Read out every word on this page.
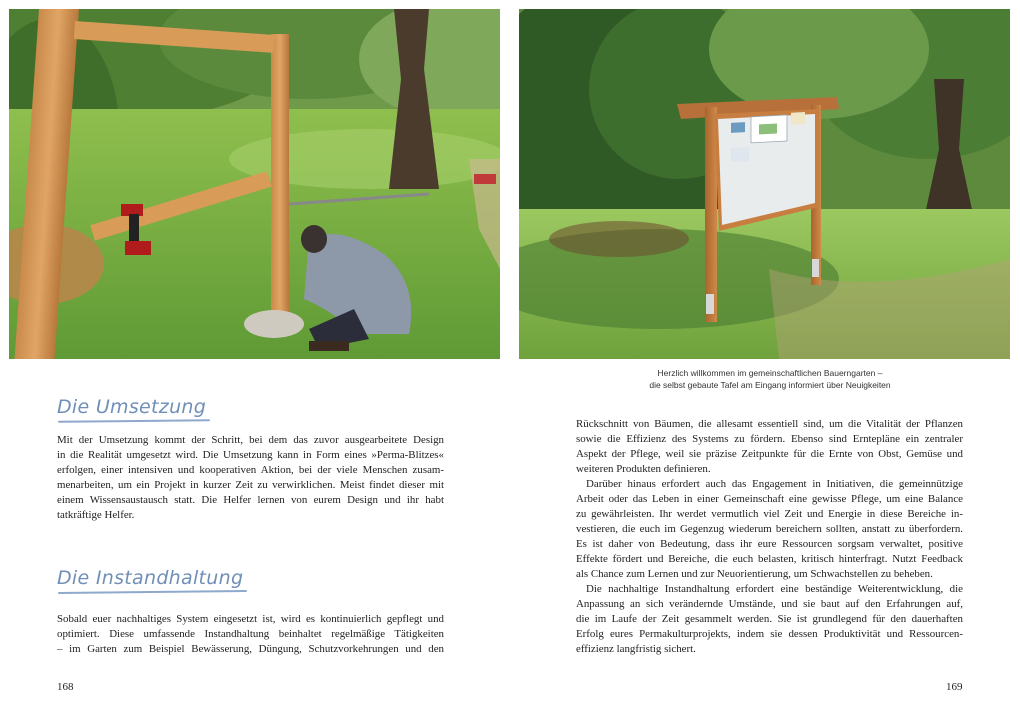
Herzlich willkommen im gemeinschaftlichen Bauerngarten –
die selbst gebaute Tafel am Eingang informiert über Neuigkeiten
Die Umsetzung

Mit der Umsetzung kommt der Schritt, bei dem das zuvor ausgearbeitete Design
in die Realität umgesetzt wird. Die Umsetzung kann in Form eines »Perma-Blitzes«
erfolgen, einer intensiven und kooperativen Aktion, bei der viele Menschen zusam-
menarbeiten, um ein Projekt in kurzer Zeit zu verwirklichen. Meist findet dieser mit
einem Wissensaustausch statt. Die Helfer lernen von eurem Design und ihr habt
tatkräftige Helfer.

Die Instandhaltung

Sobald euer nachhaltiges System eingesetzt ist, wird es kontinuierlich gepflegt und
optimiert. Diese umfassende Instandhaltung beinhaltet regelmäßige Tätigkeiten
– im Garten zum Beispiel Bewässerung, Düngung, Schutzvorkehrungen und den

168

Rückschnitt von Bäumen, die allesamt essentiell sind, um die Vitalität der Pflanzen
sowie die Effizienz des Systems zu fördern. Ebenso sind Erntepläne ein zentraler
Aspekt der Pflege, weil sie präzise Zeitpunkte für die Ernte von Obst, Gemüse und
weiteren Produkten definieren.
Darüber hinaus erfordert auch das Engagement in Initiativen, die gemeinnützige
Arbeit oder das Leben in einer Gemeinschaft eine gewisse Pflege, um eine Balance
zu gewährleisten. Ihr werdet vermutlich viel Zeit und Energie in diese Bereiche in-
vestieren, die euch im Gegenzug wiederum bereichern sollten, anstatt zu überfordern.
Es ist daher von Bedeutung, dass ihr eure Ressourcen sorgsam verwaltet, positive
Effekte fördert und Bereiche, die euch belasten, kritisch hinterfragt. Nutzt Feedback
als Chance zum Lernen und zur Neuorientierung, um Schwachstellen zu beheben.
Die nachhaltige Instandhaltung erfordert eine beständige Weiterentwicklung, die
Anpassung an sich verändernde Umstände, und sie baut auf den Erfahrungen auf,
die im Laufe der Zeit gesammelt werden. Sie ist grundlegend für den dauerhaften
Erfolg eures Permakulturprojekts, indem sie dessen Produktivität und Ressourcen-
effizienz langfristig sichert.

169
